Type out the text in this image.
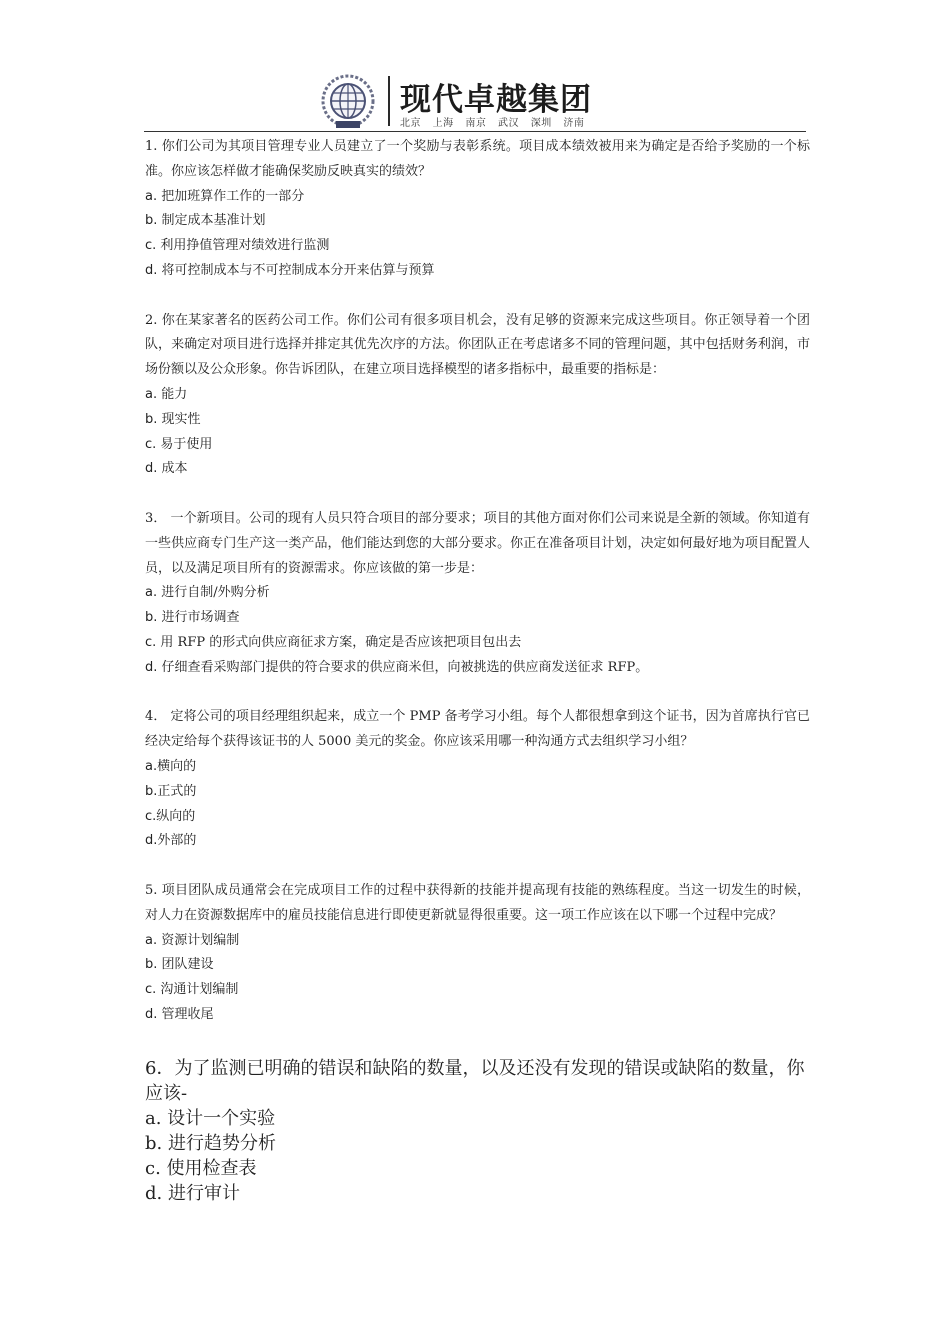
现代卓越集团
北京 上海 南京 武汉 深圳 济南

1. 你们公司为其项目管理专业人员建立了一个奖励与表彰系统。项目成本绩效被用来为确定是否给予奖励的一个标准。你应该怎样做才能确保奖励反映真实的绩效？

a. 把加班算作工作的一部分

b. 制定成本基准计划

c. 利用挣值管理对绩效进行监测

d. 将可控制成本与不可控制成本分开来估算与预算

2. 你在某家著名的医药公司工作。你们公司有很多项目机会，没有足够的资源来完成这些项目。你正领导着一个团队，来确定对项目进行选择并排定其优先次序的方法。你团队正在考虑诸多不同的管理问题，其中包括财务利润，市场份额以及公众形象。你告诉团队，在建立项目选择模型的诸多指标中，最重要的指标是：

a. 能力

b. 现实性

c. 易于使用

d. 成本

3． 一个新项目。公司的现有人员只符合项目的部分要求；项目的其他方面对你们公司来说是全新的领域。你知道有一些供应商专门生产这一类产品，他们能达到您的大部分要求。你正在准备项目计划，决定如何最好地为项目配置人员，以及满足项目所有的资源需求。你应该做的第一步是：

a. 进行自制/外购分析

b. 进行市场调查

c. 用 RFP 的形式向供应商征求方案，确定是否应该把项目包出去

d. 仔细查看采购部门提供的符合要求的供应商米但，向被挑选的供应商发送征求 RFP。

4． 定将公司的项目经理组织起来，成立一个 PMP 备考学习小组。每个人都很想拿到这个证书，因为首席执行官已经决定给每个获得该证书的人 5000 美元的奖金。你应该采用哪一种沟通方式去组织学习小组？

a.横向的

b.正式的

c.纵向的

d.外部的

5. 项目团队成员通常会在完成项目工作的过程中获得新的技能并提高现有技能的熟练程度。当这一切发生的时候，对人力在资源数据库中的雇员技能信息进行即使更新就显得很重要。这一项工作应该在以下哪一个过程中完成？

a. 资源计划编制

b. 团队建设

c. 沟通计划编制

d. 管理收尾

6．为了监测已明确的错误和缺陷的数量，以及还没有发现的错误或缺陷的数量，你应该-

a. 设计一个实验

b. 进行趋势分析

c. 使用检查表

d. 进行审计
